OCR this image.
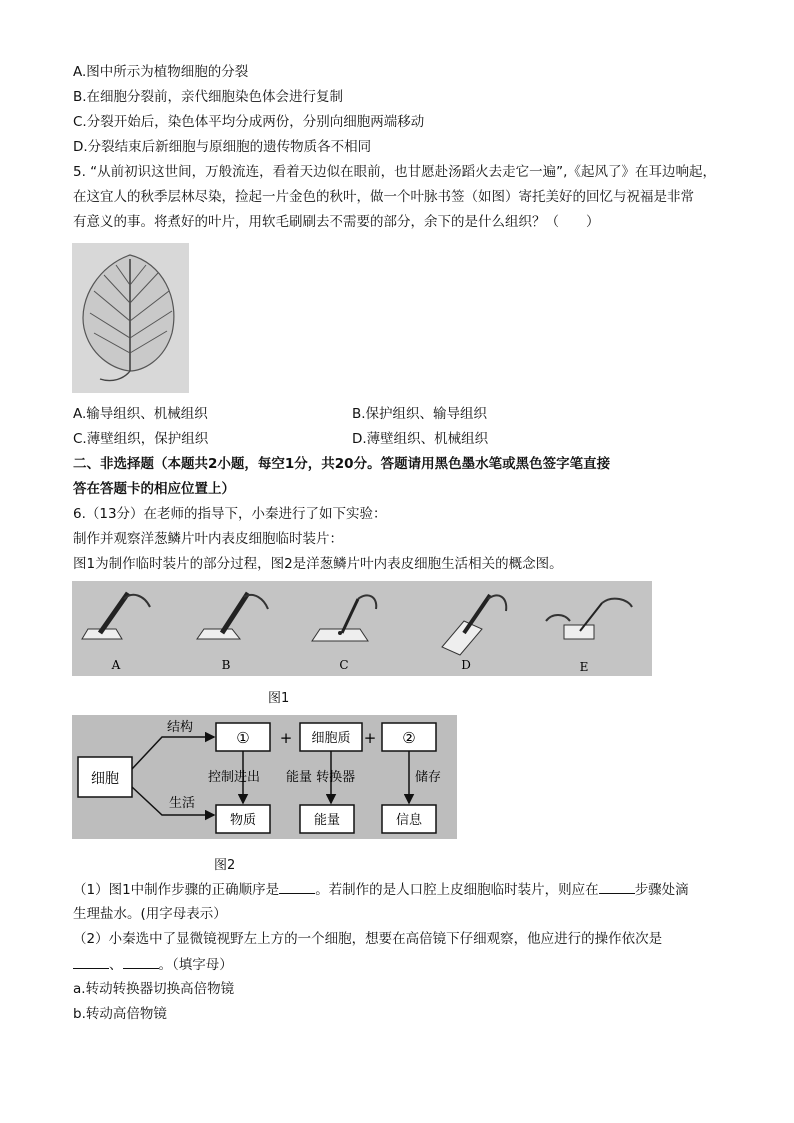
A.图中所示为植物细胞的分裂
B.在细胞分裂前，亲代细胞染色体会进行复制
C.分裂开始后，染色体平均分成两份，分别向细胞两端移动
D.分裂结束后新细胞与原细胞的遗传物质各不相同
5. “从前初识这世间，万般流连，看着天边似在眼前，也甘愿赴汤蹈火去走它一遍”,《起风了》在耳边响起，
在这宜人的秋季层林尽染，捡起一片金色的秋叶，做一个叶脉书签（如图）寄托美好的回忆与祝福是非常
有意义的事。将煮好的叶片，用软毛刷刷去不需要的部分，余下的是什么组织？（　　）
A.输导组织、机械组织	B.保护组织、输导组织
C.薄壁组织，保护组织	D.薄壁组织、机械组织
二、非选择题（本题共2小题，每空1分，共20分。答题请用黑色墨水笔或黑色签字笔直接
答在答题卡的相应位置上）
6.（13分）在老师的指导下，小秦进行了如下实验：
制作并观察洋葱鳞片叶内表皮细胞临时装片：
图1为制作临时装片的部分过程，图2是洋葱鳞片叶内表皮细胞生活相关的概念图。
A	B	C	D	E
图1
细胞
结构
生活
① + 细胞质 + ②
控制进出 能量 转换器	储存
物质	能量	信息
图2
（1）图1中制作步骤的正确顺序是	。若制作的是人口腔上皮细胞临时装片，则应在	步骤处滴
生理盐水。(用字母表示）
（2）小秦选中了显微镜视野左上方的一个细胞，想要在高倍镜下仔细观察，他应进行的操作依次是
、	。（填字母）
a.转动转换器切换高倍物镜
b.转动高倍物镜
